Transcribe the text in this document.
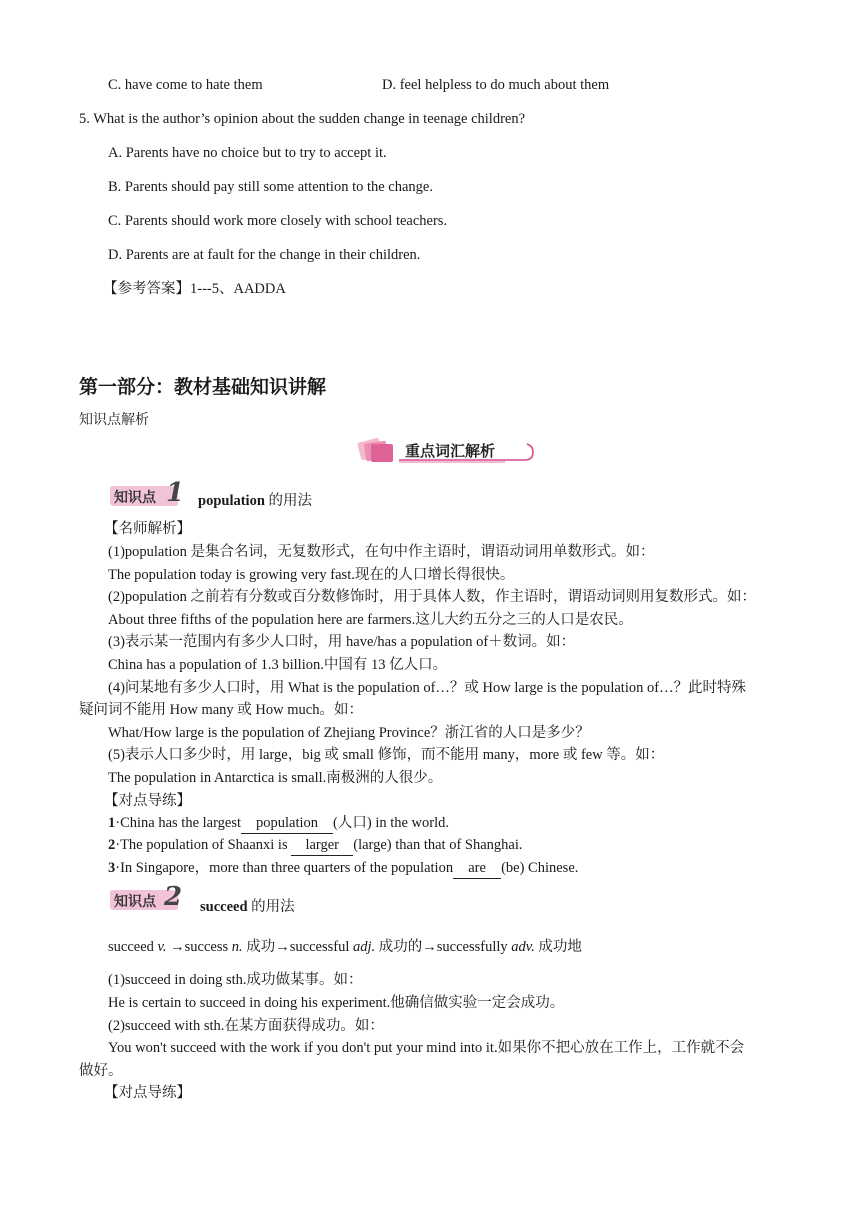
C. have come to hate them	D. feel helpless to do much about them
5. What is the author’s opinion about the sudden change in teenage children?
A. Parents have no choice but to try to accept it.
B. Parents should pay still some attention to the change.
C. Parents should work more closely with school teachers.
D. Parents are at fault for the change in their children.
【参考答案】1---5、AADDA
第一部分：教材基础知识讲解
知识点解析
重点词汇解析
知识点 1 population 的用法
【名师解析】
(1)population 是集合名词，无复数形式，在句中作主语时，谓语动词用单数形式。如：
The population today is growing very fast.现在的人口增长得很快。
(2)population 之前若有分数或百分数修饰时，用于具体人数，作主语时，谓语动词则用复数形式。如：
About three fifths of the population here are farmers.这儿大约五分之三的人口是农民。
(3)表示某一范围内有多少人口时，用 have/has a population of＋数词。如：
China has a population of 1.3 billion.中国有 13 亿人口。
(4)问某地有多少人口时，用 What is the population of…？或 How large is the population of…？此时特殊
疑问词不能用 How many 或 How much。如：
What/How large is the population of Zhejiang Province？浙江省的人口是多少？
(5)表示人口多少时，用 large，big 或 small 修饰，而不能用 many，more 或 few 等。如：
The population in Antarctica is small.南极洲的人很少。
【对点导练】
1·China has the largest population (人口) in the world.
2·The population of Shaanxi is larger (large) than that of Shanghai.
3·In Singapore，more than three quarters of the population are (be) Chinese.
知识点 2 succeed 的用法
succeed v. →success n. 成功→successful adj. 成功的→successfully adv. 成功地
(1)succeed in doing sth.成功做某事。如：
He is certain to succeed in doing his experiment.他确信做实验一定会成功。
(2)succeed with sth.在某方面获得成功。如：
You won't succeed with the work if you don't put your mind into it.如果你不把心放在工作上，工作就不会
做好。
【对点导练】
